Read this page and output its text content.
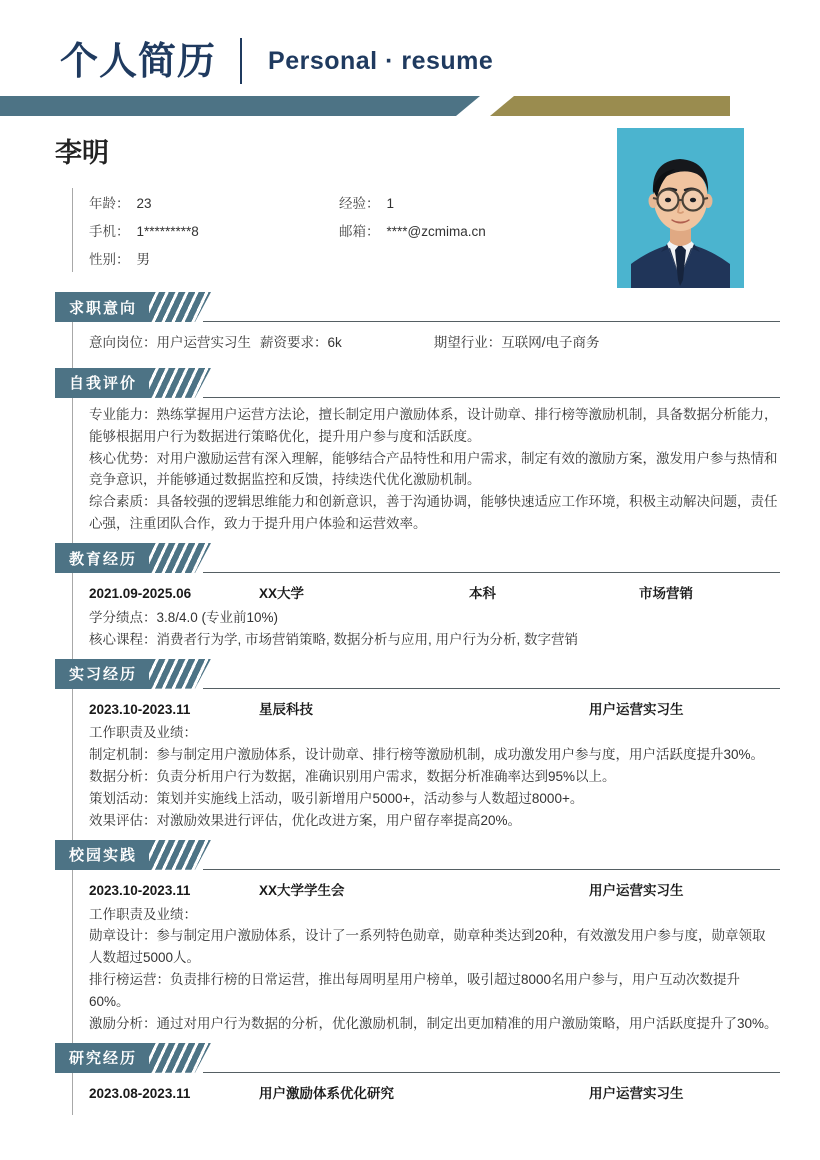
个人简历 Personal · resume
李明
年龄： 23	经验： 1
手机： 1*********8	邮箱： ****@zcmima.cn
性别： 男
求职意向
意向岗位：用户运营实习生 薪资要求：6k	期望行业：互联网/电子商务
自我评价

专业能力：熟练掌握用户运营方法论，擅长制定用户激励体系，设计勋章、排行榜等激励机制，具备数据分析能力，能够根据用户行为数据进行策略优化，提升用户参与度和活跃度。

核心优势：对用户激励运营有深入理解，能够结合产品特性和用户需求，制定有效的激励方案，激发用户参与热情和竞争意识，并能够通过数据监控和反馈，持续迭代优化激励机制。

综合素质：具备较强的逻辑思维能力和创新意识，善于沟通协调，能够快速适应工作环境，积极主动解决问题，责任心强，注重团队合作，致力于提升用户体验和运营效率。

教育经历
2021.09-2025.06	XX大学	本科	市场营销

学分绩点：3.8/4.0 (专业前10%)

核心课程：消费者行为学, 市场营销策略, 数据分析与应用, 用户行为分析, 数字营销

实习经历
2023.10-2023.11	星辰科技	用户运营实习生

工作职责及业绩：

制定机制：参与制定用户激励体系，设计勋章、排行榜等激励机制，成功激发用户参与度，用户活跃度提升30%。

数据分析：负责分析用户行为数据，准确识别用户需求，数据分析准确率达到95%以上。

策划活动：策划并实施线上活动，吸引新增用户5000+，活动参与人数超过8000+。

效果评估：对激励效果进行评估，优化改进方案，用户留存率提高20%。

校园实践
2023.10-2023.11	XX大学学生会	用户运营实习生

工作职责及业绩：

勋章设计：参与制定用户激励体系，设计了一系列特色勋章，勋章种类达到20种，有效激发用户参与度，勋章领取人数超过5000人。

排行榜运营：负责排行榜的日常运营，推出每周明星用户榜单，吸引超过8000名用户参与，用户互动次数提升60%。

激励分析：通过对用户行为数据的分析，优化激励机制，制定出更加精准的用户激励策略，用户活跃度提升了30%。

研究经历
2023.08-2023.11	用户激励体系优化研究	用户运营实习生
